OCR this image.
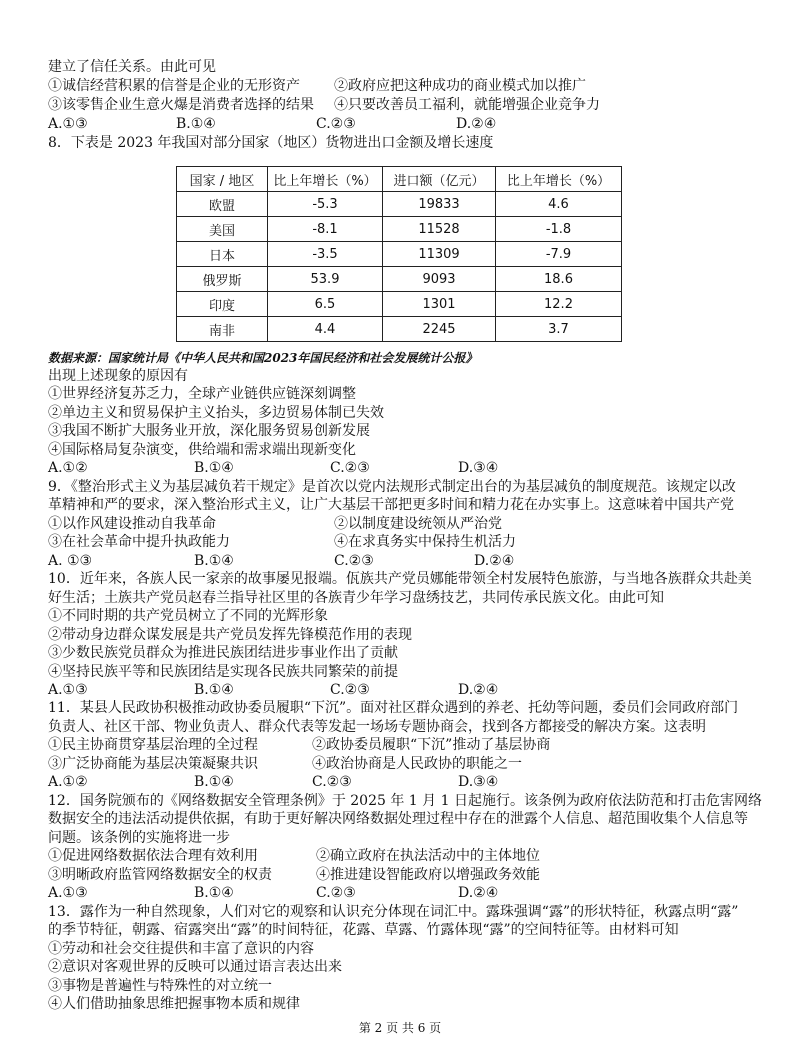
建立了信任关系。由此可见
①诚信经营积累的信誉是企业的无形资产 ②政府应把这种成功的商业模式加以推广
③该零售企业生意火爆是消费者选择的结果 ④只要改善员工福利，就能增强企业竞争力
A.①③	B.①④	C.②③	D.②④
8．下表是 2023 年我国对部分国家（地区）货物进出口金额及增长速度
国家 / 地区	比上年增长（%）	进口额（亿元）	比上年增长（%）
欧盟	-5.3	19833	4.6
美国	-8.1	11528	-1.8
日本	-3.5	11309	-7.9
俄罗斯	53.9	9093	18.6
印度	6.5	1301	12.2
南非	4.4	2245	3.7
数据来源：国家统计局《中华人民共和国2023年国民经济和社会发展统计公报》
出现上述现象的原因有
①世界经济复苏乏力，全球产业链供应链深刻调整
②单边主义和贸易保护主义抬头，多边贸易体制已失效
③我国不断扩大服务业开放，深化服务贸易创新发展
④国际格局复杂演变，供给端和需求端出现新变化
A.①②	B.①④	C.②③	D.③④
9．《整治形式主义为基层减负若干规定》是首次以党内法规形式制定出台的为基层减负的制度规范。该规定以改
革精神和严的要求，深入整治形式主义，让广大基层干部把更多时间和精力花在办实事上。这意味着中国共产党
①以作风建设推动自我革命	②以制度建设统领从严治党
③在社会革命中提升执政能力	④在求真务实中保持生机活力
A. ①③	B.①④	C.②③	D.②④
10．近年来，各族人民一家亲的故事屡见报端。佤族共产党员娜能带领全村发展特色旅游，与当地各族群众共赴美
好生活；土族共产党员赵春兰指导社区里的各族青少年学习盘绣技艺，共同传承民族文化。由此可知
①不同时期的共产党员树立了不同的光辉形象
②带动身边群众谋发展是共产党员发挥先锋模范作用的表现
③少数民族党员群众为推进民族团结进步事业作出了贡献
④坚持民族平等和民族团结是实现各民族共同繁荣的前提
A.①③	B.①④	C.②③	D.②④
11．某县人民政协积极推动政协委员履职“下沉”。面对社区群众遇到的养老、托幼等问题，委员们会同政府部门
负责人、社区干部、物业负责人、群众代表等发起一场场专题协商会，找到各方都接受的解决方案。这表明
①民主协商贯穿基层治理的全过程	②政协委员履职“下沉”推动了基层协商
③广泛协商能为基层决策凝聚共识	④政治协商是人民政协的职能之一
A.①②	B.①④	C.②③	D.③④
12．国务院颁布的《网络数据安全管理条例》于 2025 年 1 月 1 日起施行。该条例为政府依法防范和打击危害网络
数据安全的违法活动提供依据，有助于更好解决网络数据处理过程中存在的泄露个人信息、超范围收集个人信息等
问题。该条例的实施将进一步
①促进网络数据依法合理有效利用	②确立政府在执法活动中的主体地位
③明晰政府监管网络数据安全的权责	④推进建设智能政府以增强政务效能
A.①③	B.①④	C.②③	D.②④
13．露作为一种自然现象，人们对它的观察和认识充分体现在词汇中。露珠强调“露”的形状特征，秋露点明“露”
的季节特征，朝露、宿露突出“露”的时间特征，花露、草露、竹露体现“露”的空间特征等。由材料可知
①劳动和社会交往提供和丰富了意识的内容
②意识对客观世界的反映可以通过语言表达出来
③事物是普遍性与特殊性的对立统一
④人们借助抽象思维把握事物本质和规律
第 2 页 共 6 页
